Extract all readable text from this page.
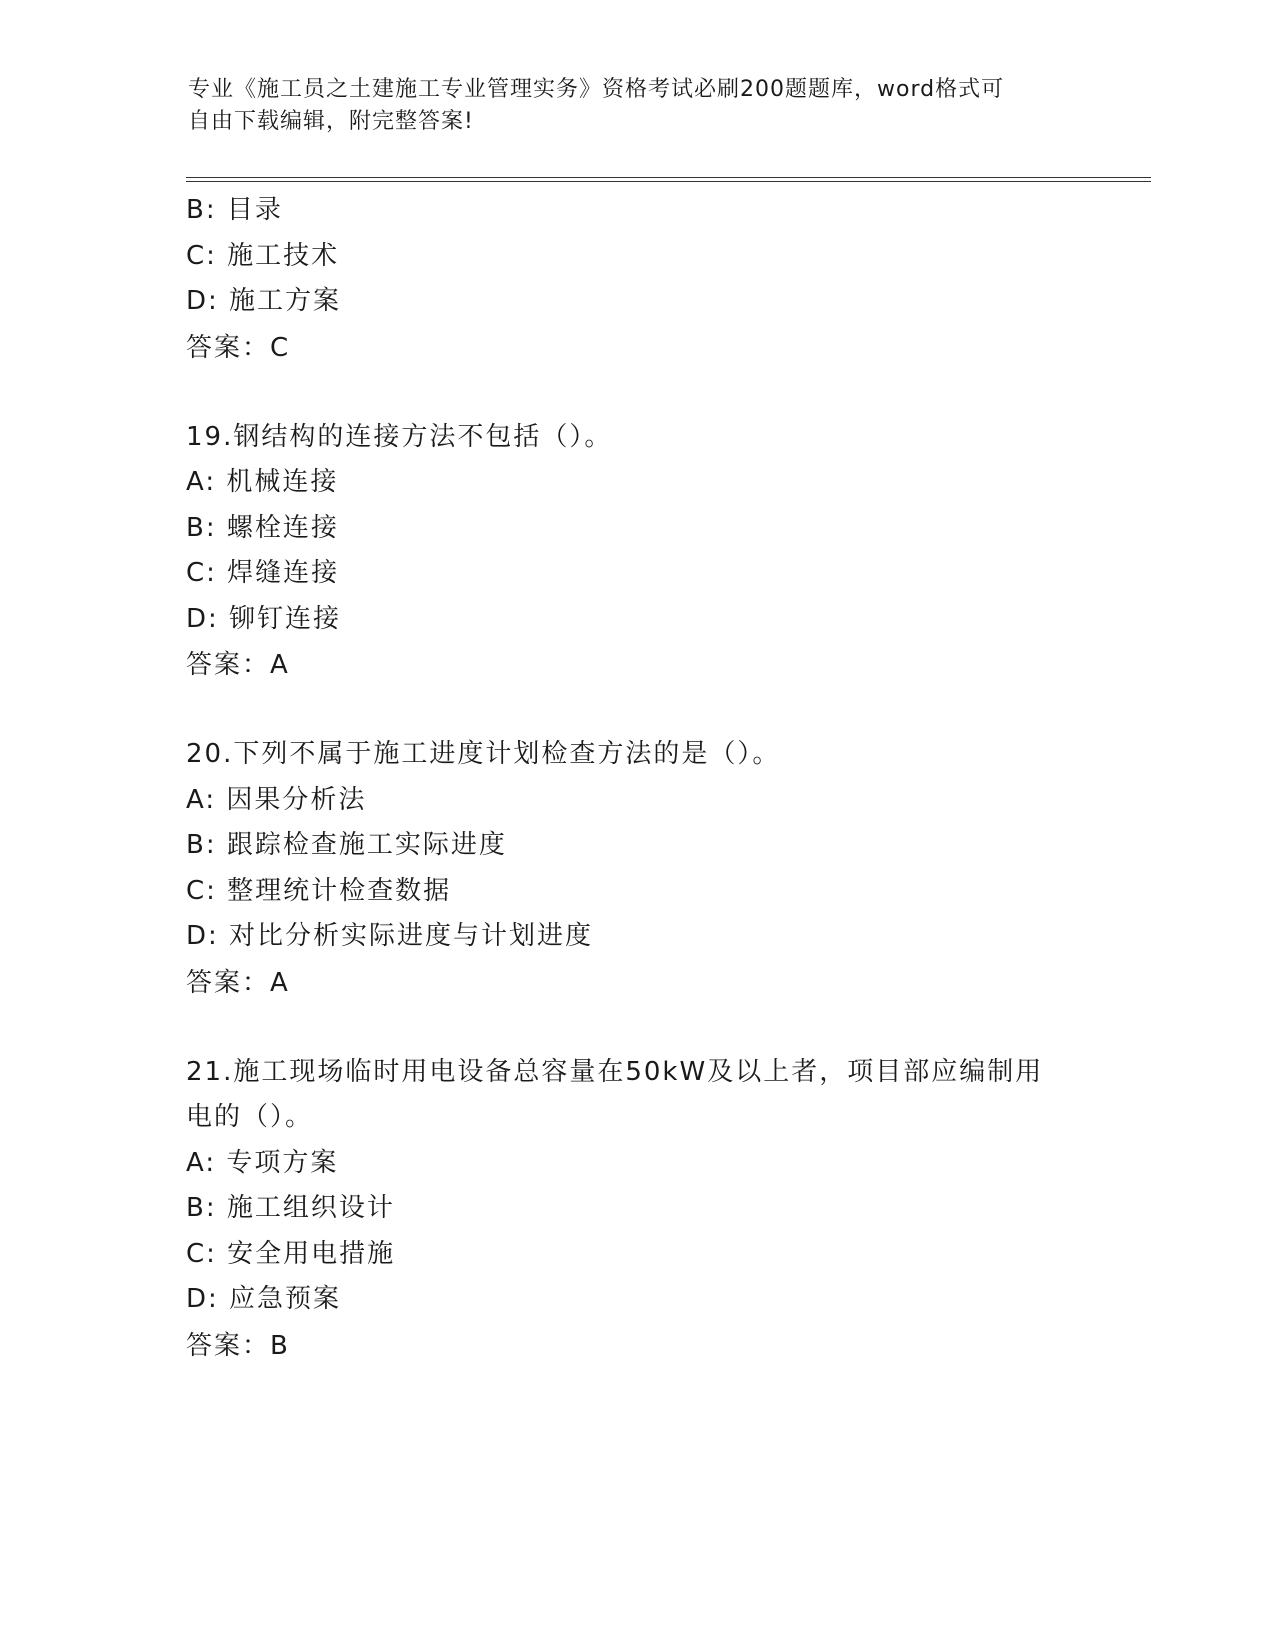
专业《施工员之土建施工专业管理实务》资格考试必刷200题题库，word格式可
自由下载编辑，附完整答案!
B: 目录
C: 施工技术
D: 施工方案
答案：C
19.钢结构的连接方法不包括（）。
A: 机械连接
B: 螺栓连接
C: 焊缝连接
D: 铆钉连接
答案：A
20.下列不属于施工进度计划检查方法的是（）。
A: 因果分析法
B: 跟踪检查施工实际进度
C: 整理统计检查数据
D: 对比分析实际进度与计划进度
答案：A
21.施工现场临时用电设备总容量在50kW及以上者，项目部应编制用
电的（）。
A: 专项方案
B: 施工组织设计
C: 安全用电措施
D: 应急预案
答案：B
